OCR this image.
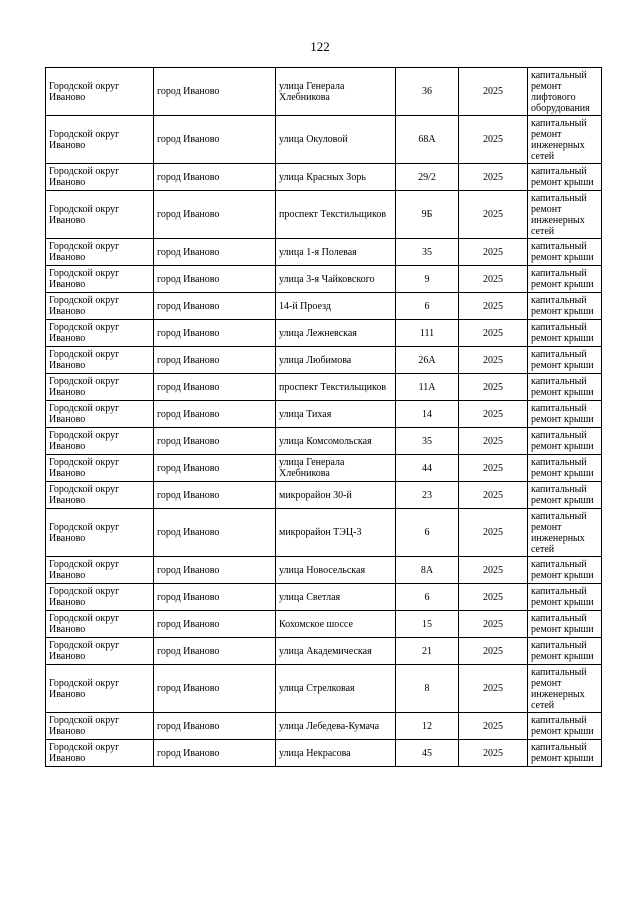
122
Городской округ Иваново	город Иваново	улица Генерала Хлебникова	36	2025	капитальный ремонт лифтового оборудования
Городской округ Иваново	город Иваново	улица Окуловой	68А	2025	капитальный ремонт инженерных сетей
Городской округ Иваново	город Иваново	улица Красных Зорь	29/2	2025	капитальный ремонт крыши
Городской округ Иваново	город Иваново	проспект Текстильщиков	9Б	2025	капитальный ремонт инженерных сетей
Городской округ Иваново	город Иваново	улица 1-я Полевая	35	2025	капитальный ремонт крыши
Городской округ Иваново	город Иваново	улица 3-я Чайковского	9	2025	капитальный ремонт крыши
Городской округ Иваново	город Иваново	14-й Проезд	6	2025	капитальный ремонт крыши
Городской округ Иваново	город Иваново	улица Лежневская	111	2025	капитальный ремонт крыши
Городской округ Иваново	город Иваново	улица Любимова	26А	2025	капитальный ремонт крыши
Городской округ Иваново	город Иваново	проспект Текстильщиков	11А	2025	капитальный ремонт крыши
Городской округ Иваново	город Иваново	улица Тихая	14	2025	капитальный ремонт крыши
Городской округ Иваново	город Иваново	улица Комсомольская	35	2025	капитальный ремонт крыши
Городской округ Иваново	город Иваново	улица Генерала Хлебникова	44	2025	капитальный ремонт крыши
Городской округ Иваново	город Иваново	микрорайон 30-й	23	2025	капитальный ремонт крыши
Городской округ Иваново	город Иваново	микрорайон ТЭЦ-3	6	2025	капитальный ремонт инженерных сетей
Городской округ Иваново	город Иваново	улица Новосельская	8А	2025	капитальный ремонт крыши
Городской округ Иваново	город Иваново	улица Светлая	6	2025	капитальный ремонт крыши
Городской округ Иваново	город Иваново	Кохомское шоссе	15	2025	капитальный ремонт крыши
Городской округ Иваново	город Иваново	улица Академическая	21	2025	капитальный ремонт крыши
Городской округ Иваново	город Иваново	улица Стрелковая	8	2025	капитальный ремонт инженерных сетей
Городской округ Иваново	город Иваново	улица Лебедева-Кумача	12	2025	капитальный ремонт крыши
Городской округ Иваново	город Иваново	улица Некрасова	45	2025	капитальный ремонт крыши
